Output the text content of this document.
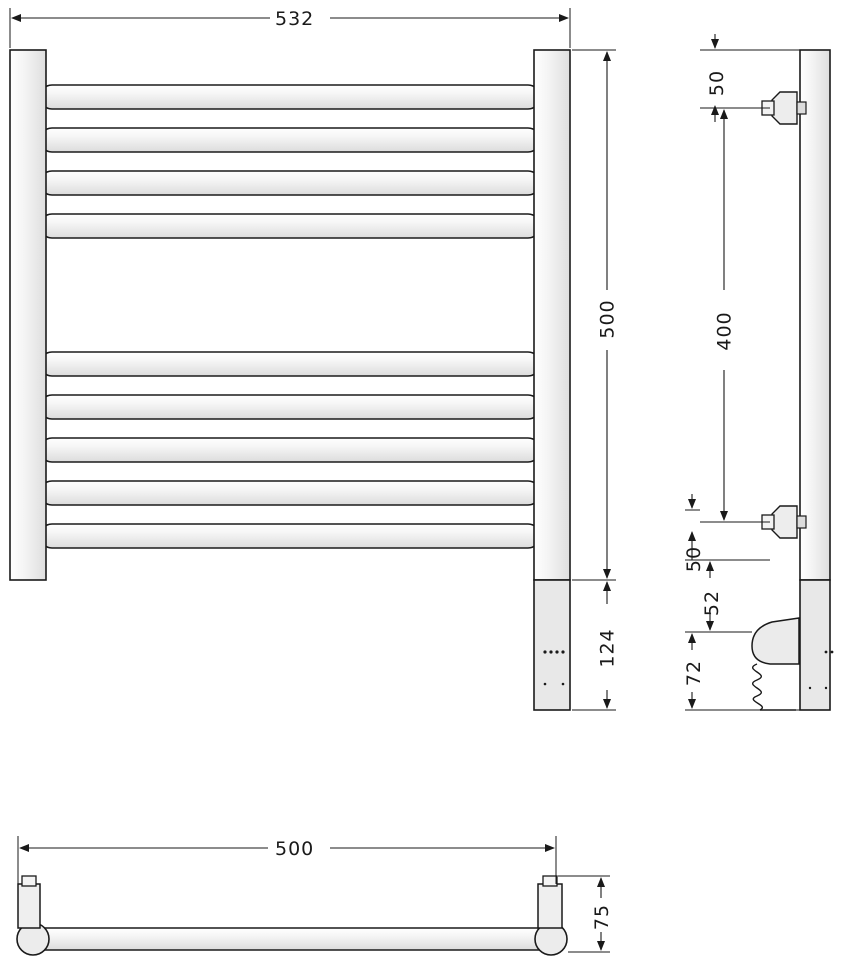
532
500
124
50
400
50
52
72
500
75
